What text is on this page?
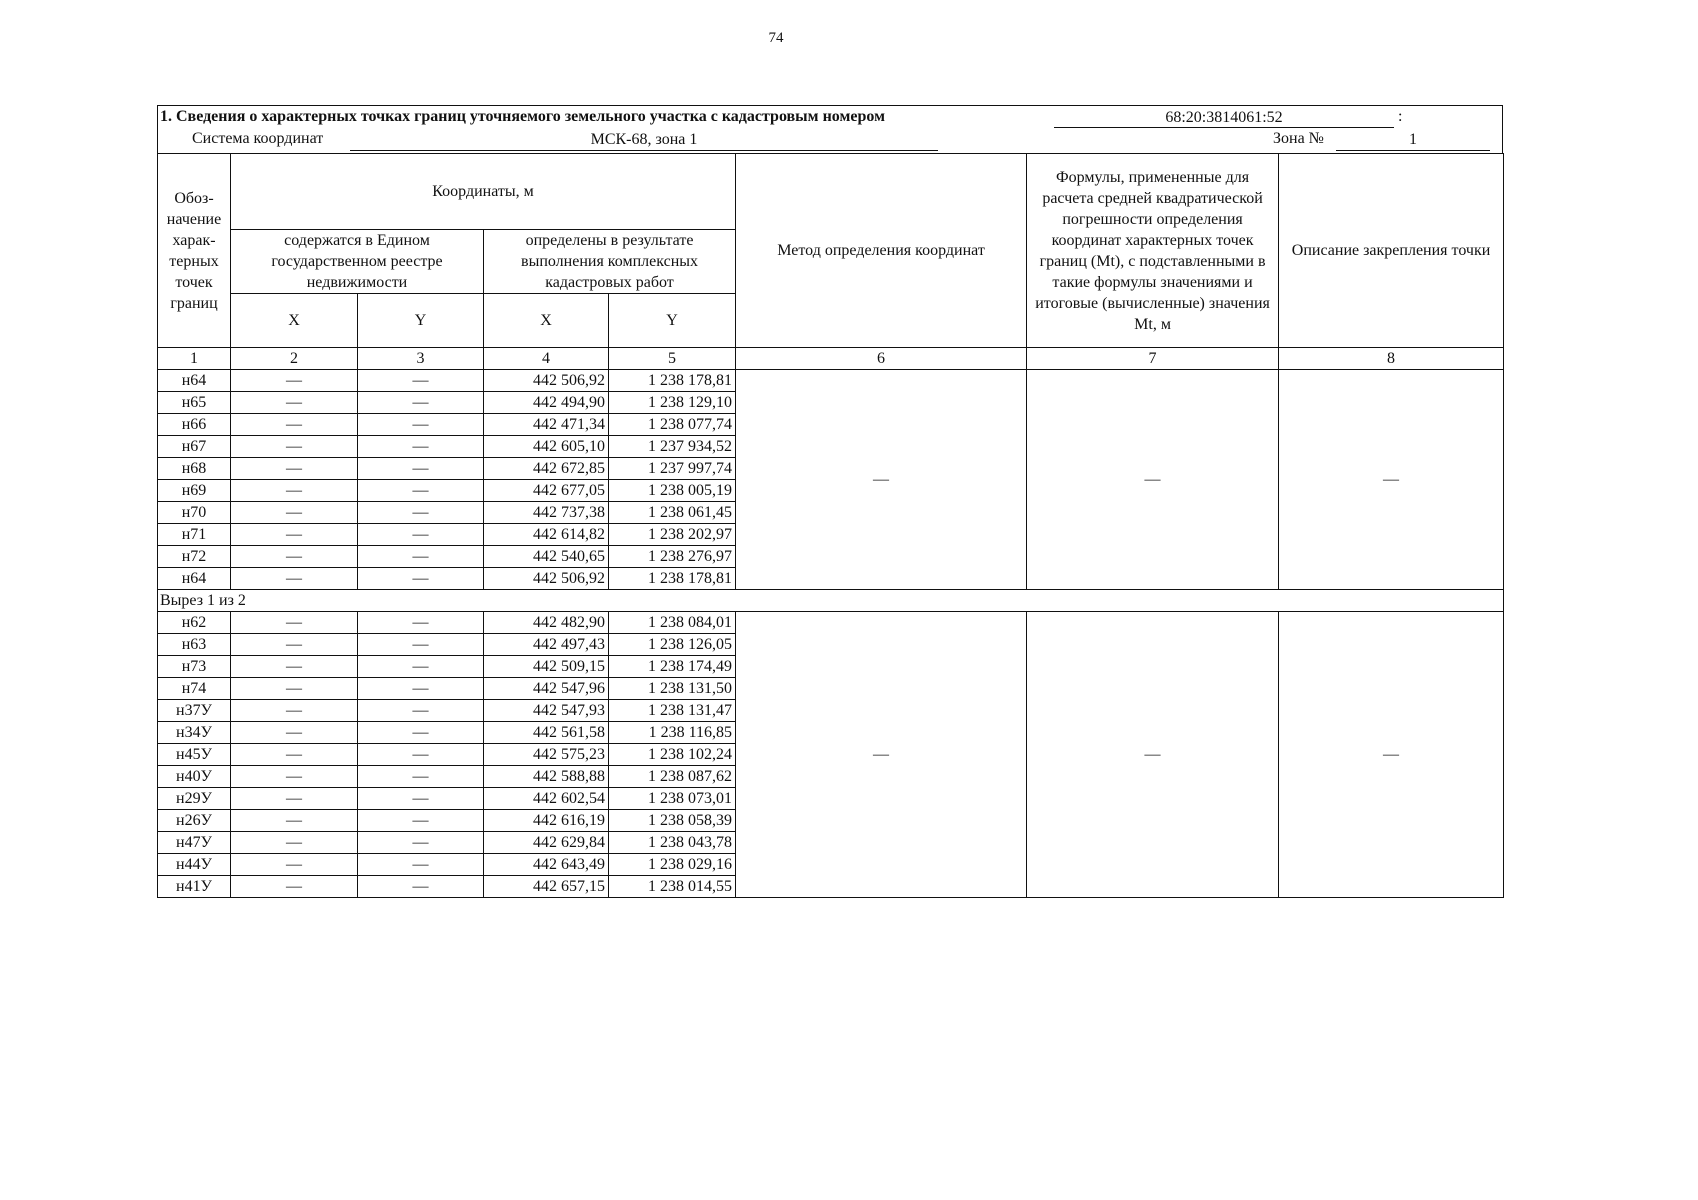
74
1. Сведения о характерных точках границ уточняемого земельного участка с кадастровым номером	68:20:3814061:52	:
Система координат	МСК-68, зона 1	Зона №	1
Обоз-начение харак-терных точек границ	Координаты, м				Метод определения координат	Формулы, примененные для расчета средней квадратической погрешности определения координат характерных точек границ (Mt), с подставленными в такие формулы значениями и итоговые (вычисленные) значения Mt, м	Описание закрепления точки
	содержатся в Едином государственном реестре недвижимости		определены в результате выполнения комплексных кадастровых работ				
	X	Y	X	Y			
1	2	3	4	5	6	7	8
н64	—	—	442 506,92	1 238 178,81	—	—	—
н65	—	—	442 494,90	1 238 129,10			
н66	—	—	442 471,34	1 238 077,74			
н67	—	—	442 605,10	1 237 934,52			
н68	—	—	442 672,85	1 237 997,74			
н69	—	—	442 677,05	1 238 005,19			
н70	—	—	442 737,38	1 238 061,45			
н71	—	—	442 614,82	1 238 202,97			
н72	—	—	442 540,65	1 238 276,97			
н64	—	—	442 506,92	1 238 178,81			
Вырез 1 из 2							
н62	—	—	442 482,90	1 238 084,01	—	—	—
н63	—	—	442 497,43	1 238 126,05			
н73	—	—	442 509,15	1 238 174,49			
н74	—	—	442 547,96	1 238 131,50			
н37У	—	—	442 547,93	1 238 131,47			
н34У	—	—	442 561,58	1 238 116,85			
н45У	—	—	442 575,23	1 238 102,24			
н40У	—	—	442 588,88	1 238 087,62			
н29У	—	—	442 602,54	1 238 073,01			
н26У	—	—	442 616,19	1 238 058,39			
н47У	—	—	442 629,84	1 238 043,78			
н44У	—	—	442 643,49	1 238 029,16			
н41У	—	—	442 657,15	1 238 014,55			
